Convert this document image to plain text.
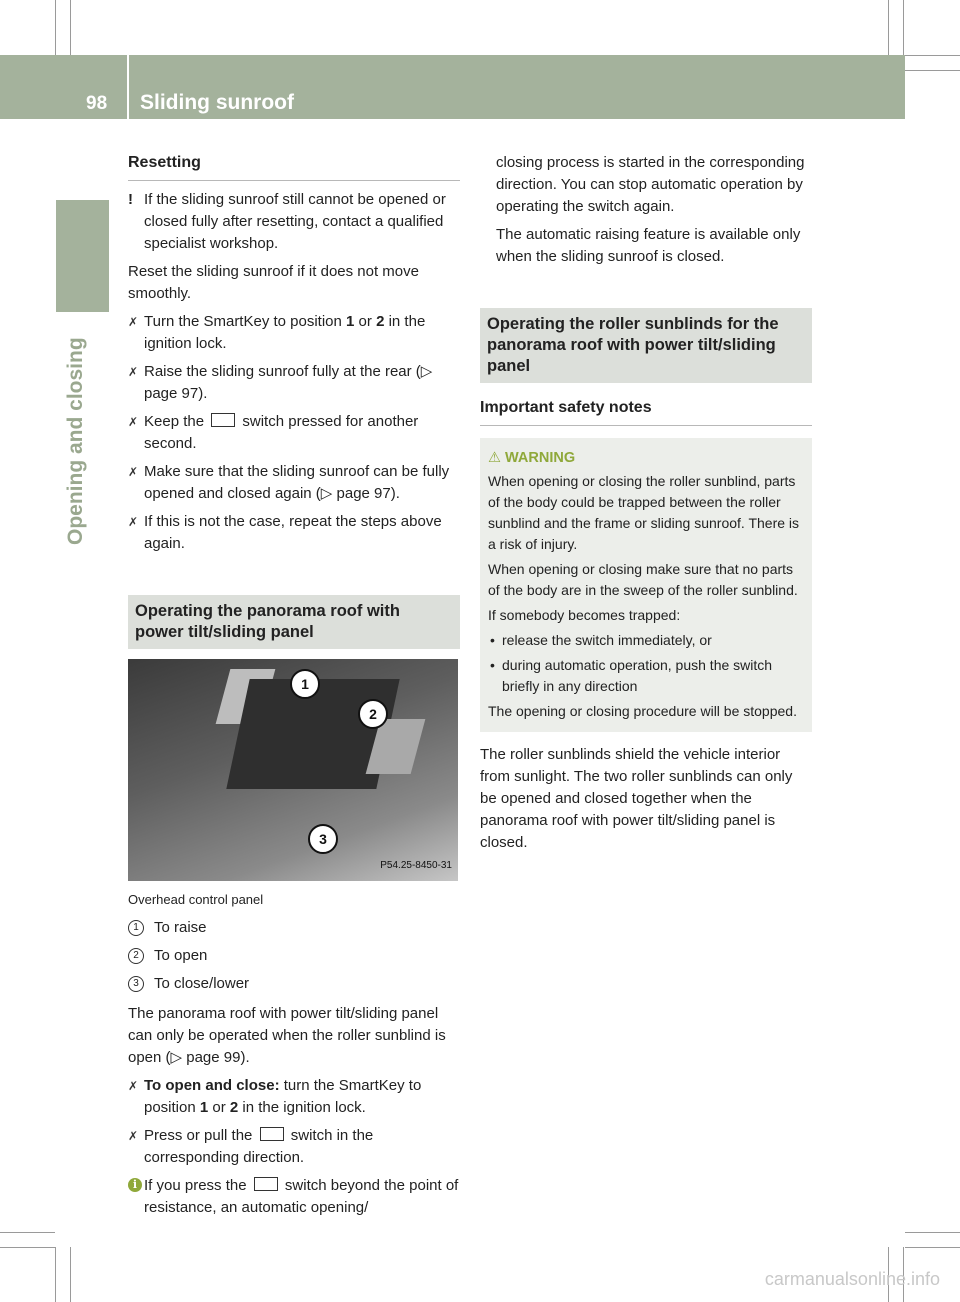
98 Sliding sunroof
Opening and closing
Resetting

! If the sliding sunroof still cannot be opened or closed fully after resetting, contact a qualified specialist workshop.

Reset the sliding sunroof if it does not move smoothly.

✗ Turn the SmartKey to position 1 or 2 in the ignition lock.

✗ Raise the sliding sunroof fully at the rear (▷ page 97).

✗ Keep the  switch pressed for another second.

✗ Make sure that the sliding sunroof can be fully opened and closed again (▷ page 97).

✗ If this is not the case, repeat the steps above again.

Operating the panorama roof with power tilt/sliding panel
1
2
3
P54.25-8450-31

Overhead control panel

1	To raise

2	To open

3	To close/lower

The panorama roof with power tilt/sliding panel can only be operated when the roller sunblind is open (▷ page 99).

✗ To open and close: turn the SmartKey to position 1 or 2 in the ignition lock.

✗ Press or pull the  switch in the corresponding direction.

i If you press the  switch beyond the point of resistance, an automatic opening/

closing process is started in the corresponding direction. You can stop automatic operation by operating the switch again.

The automatic raising feature is available only when the sliding sunroof is closed.

Operating the roller sunblinds for the panorama roof with power tilt/sliding panel
Important safety notes
⚠ WARNING

When opening or closing the roller sunblind, parts of the body could be trapped between the roller sunblind and the frame or sliding sunroof. There is a risk of injury.

When opening or closing make sure that no parts of the body are in the sweep of the roller sunblind.

If somebody becomes trapped:

• release the switch immediately, or

• during automatic operation, push the switch briefly in any direction

The opening or closing procedure will be stopped.

The roller sunblinds shield the vehicle interior from sunlight. The two roller sunblinds can only be opened and closed together when the panorama roof with power tilt/sliding panel is closed.

carmanualsonline.info
